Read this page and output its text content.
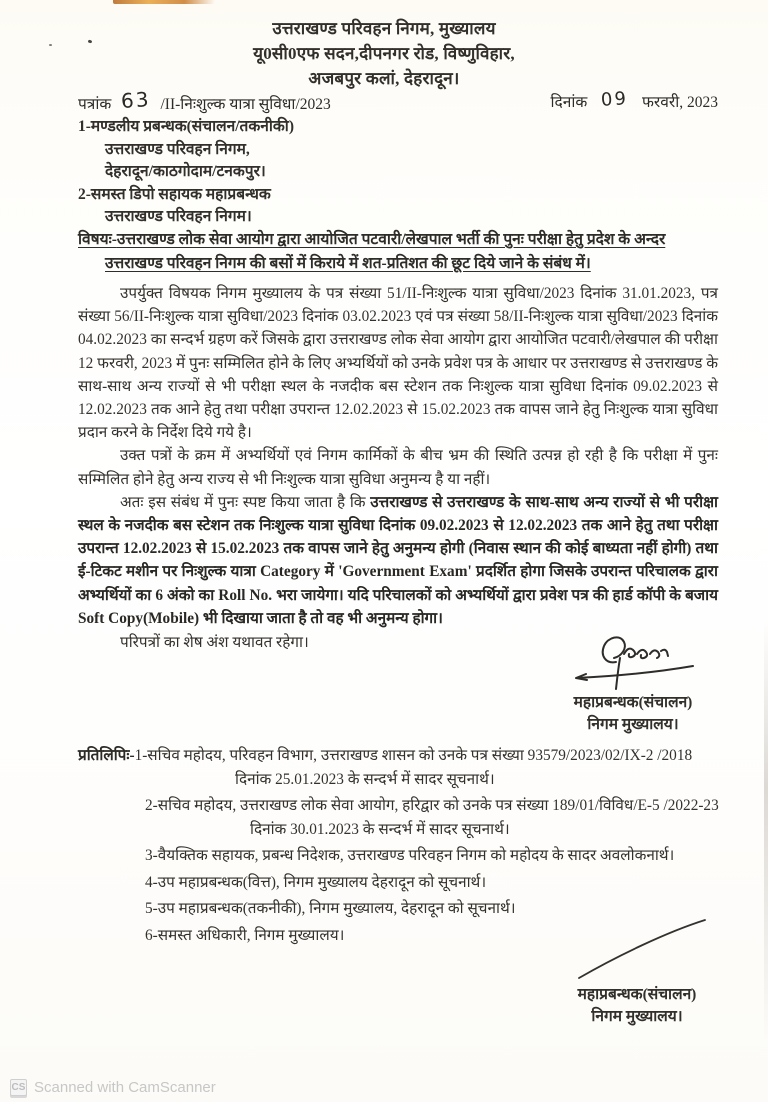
उत्तराखण्ड परिवहन निगम, मुख्यालय
यू0सी0एफ सदन,दीपनगर रोड, विष्णुविहार,
अजबपुर कलां, देहरादून।
पत्रांक 63 /II-निःशुल्क यात्रा सुविधा/2023	दिनांक 09 फरवरी, 2023
1-मण्डलीय प्रबन्धक(संचालन/तकनीकी)
उत्तराखण्ड परिवहन निगम,
देहरादून/काठगोदाम/टनकपुर।
2-समस्त डिपो सहायक महाप्रबन्धक
उत्तराखण्ड परिवहन निगम।
विषयः-उत्तराखण्ड लोक सेवा आयोग द्वारा आयोजित पटवारी/लेखपाल भर्ती की पुनः परीक्षा हेतु प्रदेश के अन्दर उत्तराखण्ड परिवहन निगम की बसों में किराये में शत-प्रतिशत की छूट दिये जाने के संबंध में।

उपर्युक्त विषयक निगम मुख्यालय के पत्र संख्या 51/II-निःशुल्क यात्रा सुविधा/2023 दिनांक 31.01.2023, पत्र संख्या 56/II-निःशुल्क यात्रा सुविधा/2023 दिनांक 03.02.2023 एवं पत्र संख्या 58/II-निःशुल्क यात्रा सुविधा/2023 दिनांक 04.02.2023 का सन्दर्भ ग्रहण करें जिसके द्वारा उत्तराखण्ड लोक सेवा आयोग द्वारा आयोजित पटवारी/लेखपाल की परीक्षा 12 फरवरी, 2023 में पुनः सम्मिलित होने के लिए अभ्यर्थियों को उनके प्रवेश पत्र के आधार पर उत्तराखण्ड से उत्तराखण्ड के साथ-साथ अन्य राज्यों से भी परीक्षा स्थल के नजदीक बस स्टेशन तक निःशुल्क यात्रा सुविधा दिनांक 09.02.2023 से 12.02.2023 तक आने हेतु तथा परीक्षा उपरान्त 12.02.2023 से 15.02.2023 तक वापस जाने हेतु निःशुल्क यात्रा सुविधा प्रदान करने के निर्देश दिये गये है।

उक्त पत्रों के क्रम में अभ्यर्थियों एवं निगम कार्मिकों के बीच भ्रम की स्थिति उत्पन्न हो रही है कि परीक्षा में पुनः सम्मिलित होने हेतु अन्य राज्य से भी निःशुल्क यात्रा सुविधा अनुमन्य है या नहीं।

अतः इस संबंध में पुनः स्पष्ट किया जाता है कि उत्तराखण्ड से उत्तराखण्ड के साथ-साथ अन्य राज्यों से भी परीक्षा स्थल के नजदीक बस स्टेशन तक निःशुल्क यात्रा सुविधा दिनांक 09.02.2023 से 12.02.2023 तक आने हेतु तथा परीक्षा उपरान्त 12.02.2023 से 15.02.2023 तक वापस जाने हेतु अनुमन्य होगी (निवास स्थान की कोई बाध्यता नहीं होगी) तथा ई-टिकट मशीन पर निःशुल्क यात्रा Category में 'Government Exam' प्रदर्शित होगा जिसके उपरान्त परिचालक द्वारा अभ्यर्थियों का 6 अंको का Roll No. भरा जायेगा। यदि परिचालकों को अभ्यर्थियों द्वारा प्रवेश पत्र की हार्ड कॉपी के बजाय Soft Copy(Mobile) भी दिखाया जाता है तो वह भी अनुमन्य होगा।

परिपत्रों का शेष अंश यथावत रहेगा।

महाप्रबन्धक(संचालन)
निगम मुख्यालय।

प्रतिलिपिः-1-सचिव महोदय, परिवहन विभाग, उत्तराखण्ड शासन को उनके पत्र संख्या 93579/2023/02/IX-2 /2018 दिनांक 25.01.2023 के सन्दर्भ में सादर सूचनार्थ।

2-सचिव महोदय, उत्तराखण्ड लोक सेवा आयोग, हरिद्वार को उनके पत्र संख्या 189/01/विविध/E-5 /2022-23 दिनांक 30.01.2023 के सन्दर्भ में सादर सूचनार्थ।

3-वैयक्तिक सहायक, प्रबन्ध निदेशक, उत्तराखण्ड परिवहन निगम को महोदय के सादर अवलोकनार्थ।

4-उप महाप्रबन्धक(वित्त), निगम मुख्यालय देहरादून को सूचनार्थ।

5-उप महाप्रबन्धक(तकनीकी), निगम मुख्यालय, देहरादून को सूचनार्थ।

6-समस्त अधिकारी, निगम मुख्यालय।

महाप्रबन्धक(संचालन)
निगम मुख्यालय।
CS Scanned with CamScanner
